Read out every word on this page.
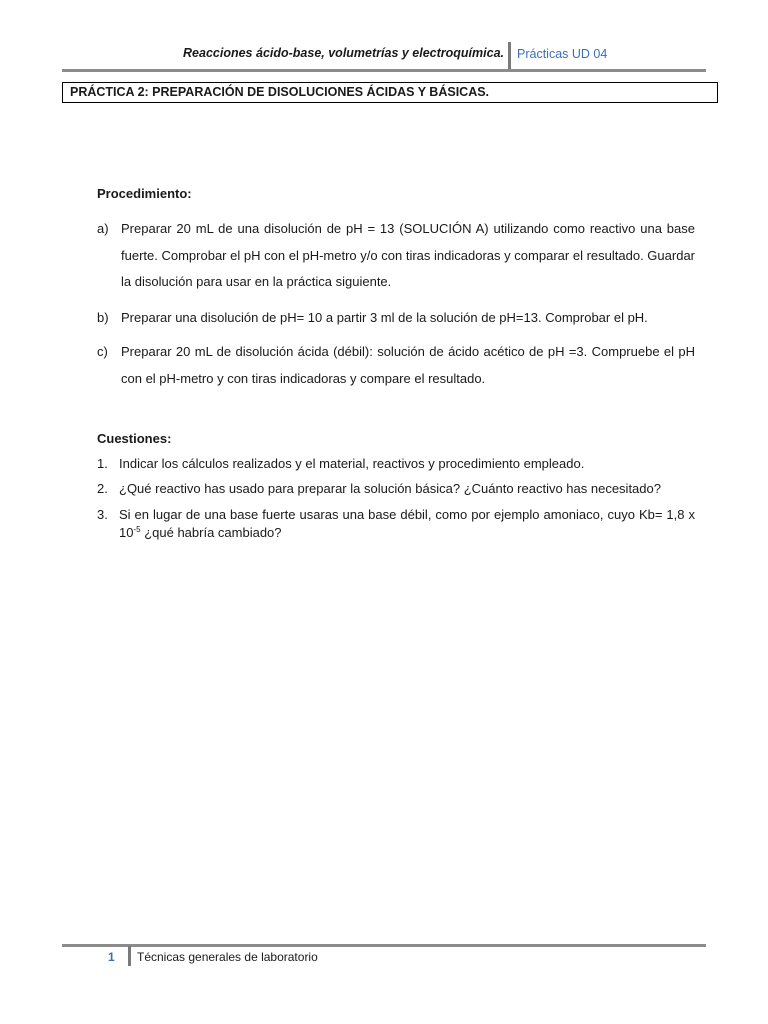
Reacciones ácido-base, volumetrías y electroquímica. Prácticas UD 04
PRÁCTICA 2: PREPARACIÓN DE DISOLUCIONES ÁCIDAS Y BÁSICAS.
Procedimiento:
a) Preparar 20 mL de una disolución de pH = 13 (SOLUCIÓN A) utilizando como reactivo una base fuerte. Comprobar el pH con el pH-metro y/o con tiras indicadoras y comparar el resultado. Guardar la disolución para usar en la práctica siguiente.
b) Preparar una disolución de pH= 10 a partir 3 ml de la solución de pH=13. Comprobar el pH.
c) Preparar 20 mL de disolución ácida (débil): solución de ácido acético de pH =3. Compruebe el pH con el pH-metro y con tiras indicadoras y compare el resultado.
Cuestiones:
1. Indicar los cálculos realizados y el material, reactivos y procedimiento empleado.
2. ¿Qué reactivo has usado para preparar la solución básica? ¿Cuánto reactivo has necesitado?
3. Si en lugar de una base fuerte usaras una base débil, como por ejemplo amoniaco, cuyo Kb= 1,8 x $10^{-5}$ ¿qué habría cambiado?
1 Técnicas generales de laboratorio
